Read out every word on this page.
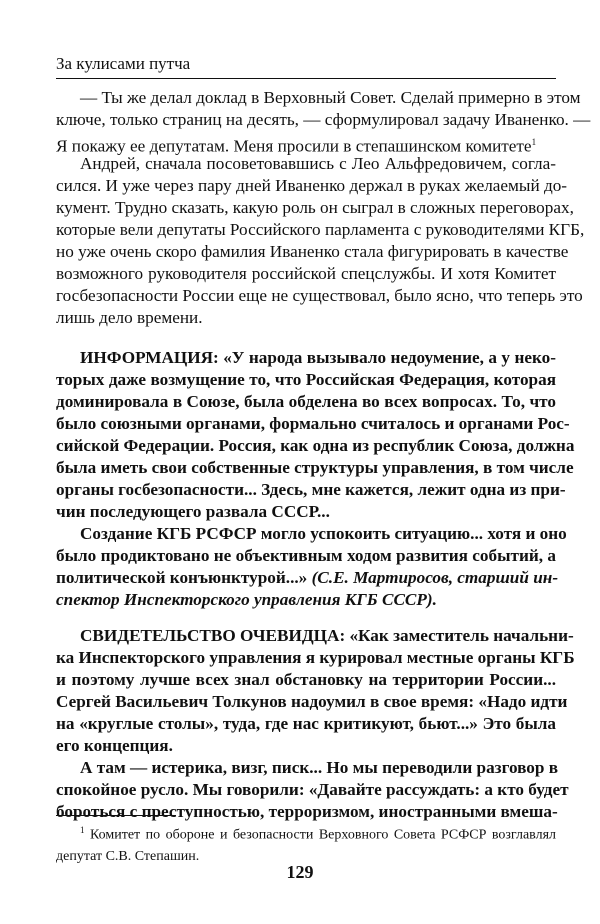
За кулисами путча
— Ты же делал доклад в Верховный Совет. Сделай примерно в этом
ключе, только страниц на десять, — сформулировал задачу Иваненко. —
Я покажу ее депутатам. Меня просили в степашинском комитете$^1$
Андрей, сначала посоветовавшись с Лео Альфредовичем, согла-
сился. И уже через пару дней Иваненко держал в руках желаемый до-
кумент. Трудно сказать, какую роль он сыграл в сложных переговорах,
которые вели депутаты Российского парламента с руководителями КГБ,
но уже очень скоро фамилия Иваненко стала фигурировать в качестве
возможного руководителя российской спецслужбы. И хотя Комитет
госбезопасности России еще не существовал, было ясно, что теперь это
лишь дело времени.
ИНФОРМАЦИЯ: «У народа вызывало недоумение, а у неко-
торых даже возмущение то, что Российская Федерация, которая
доминировала в Союзе, была обделена во всех вопросах. То, что
было союзными органами, формально считалось и органами Рос-
сийской Федерации. Россия, как одна из республик Союза, должна
была иметь свои собственные структуры управления, в том числе
органы госбезопасности... Здесь, мне кажется, лежит одна из при-
чин последующего развала СССР...
Создание КГБ РСФСР могло успокоить ситуацию... хотя и оно
было продиктовано не объективным ходом развития событий, а
политической конъюнктурой...» (С.Е. Мартиросов, старший ин-
спектор Инспекторского управления КГБ СССР).
СВИДЕТЕЛЬСТВО ОЧЕВИДЦА: «Как заместитель начальни-
ка Инспекторского управления я курировал местные органы КГБ
и поэтому лучше всех знал обстановку на территории России...
Сергей Васильевич Толкунов надоумил в свое время: «Надо идти
на «круглые столы», туда, где нас критикуют, бьют...» Это была
его концепция.
А там — истерика, визг, писк... Но мы переводили разговор в
спокойное русло. Мы говорили: «Давайте рассуждать: а кто будет
бороться с преступностью, терроризмом, иностранными вмеша-
$^1$ Комитет по обороне и безопасности Верховного Совета РСФСР возглавлял
депутат С.В. Степашин.
129
